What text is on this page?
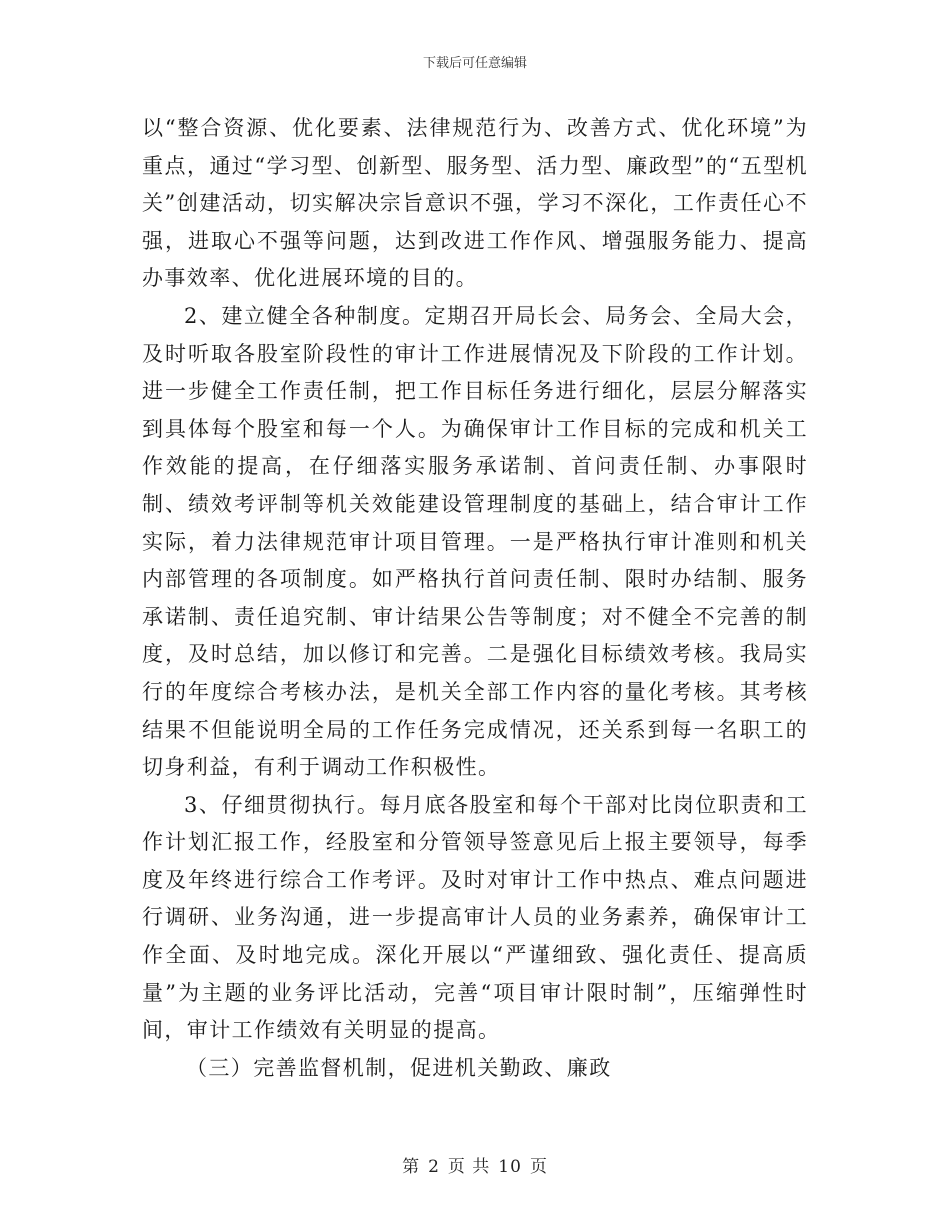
下载后可任意编辑

以“整合资源、优化要素、法律规范行为、改善方式、优化环境”为重点，通过“学习型、创新型、服务型、活力型、廉政型”的“五型机关”创建活动，切实解决宗旨意识不强，学习不深化，工作责任心不强，进取心不强等问题，达到改进工作作风、增强服务能力、提高办事效率、优化进展环境的目的。

2、建立健全各种制度。定期召开局长会、局务会、全局大会，及时听取各股室阶段性的审计工作进展情况及下阶段的工作计划。进一步健全工作责任制，把工作目标任务进行细化，层层分解落实到具体每个股室和每一个人。为确保审计工作目标的完成和机关工作效能的提高，在仔细落实服务承诺制、首问责任制、办事限时制、绩效考评制等机关效能建设管理制度的基础上，结合审计工作实际，着力法律规范审计项目管理。一是严格执行审计准则和机关内部管理的各项制度。如严格执行首问责任制、限时办结制、服务承诺制、责任追究制、审计结果公告等制度；对不健全不完善的制度，及时总结，加以修订和完善。二是强化目标绩效考核。我局实行的年度综合考核办法，是机关全部工作内容的量化考核。其考核结果不但能说明全局的工作任务完成情况，还关系到每一名职工的切身利益，有利于调动工作积极性。

3、仔细贯彻执行。每月底各股室和每个干部对比岗位职责和工作计划汇报工作，经股室和分管领导签意见后上报主要领导，每季度及年终进行综合工作考评。及时对审计工作中热点、难点问题进行调研、业务沟通，进一步提高审计人员的业务素养，确保审计工作全面、及时地完成。深化开展以“严谨细致、强化责任、提高质量”为主题的业务评比活动，完善“项目审计限时制”，压缩弹性时间，审计工作绩效有关明显的提高。

（三）完善监督机制，促进机关勤政、廉政

第 2 页 共 10 页
